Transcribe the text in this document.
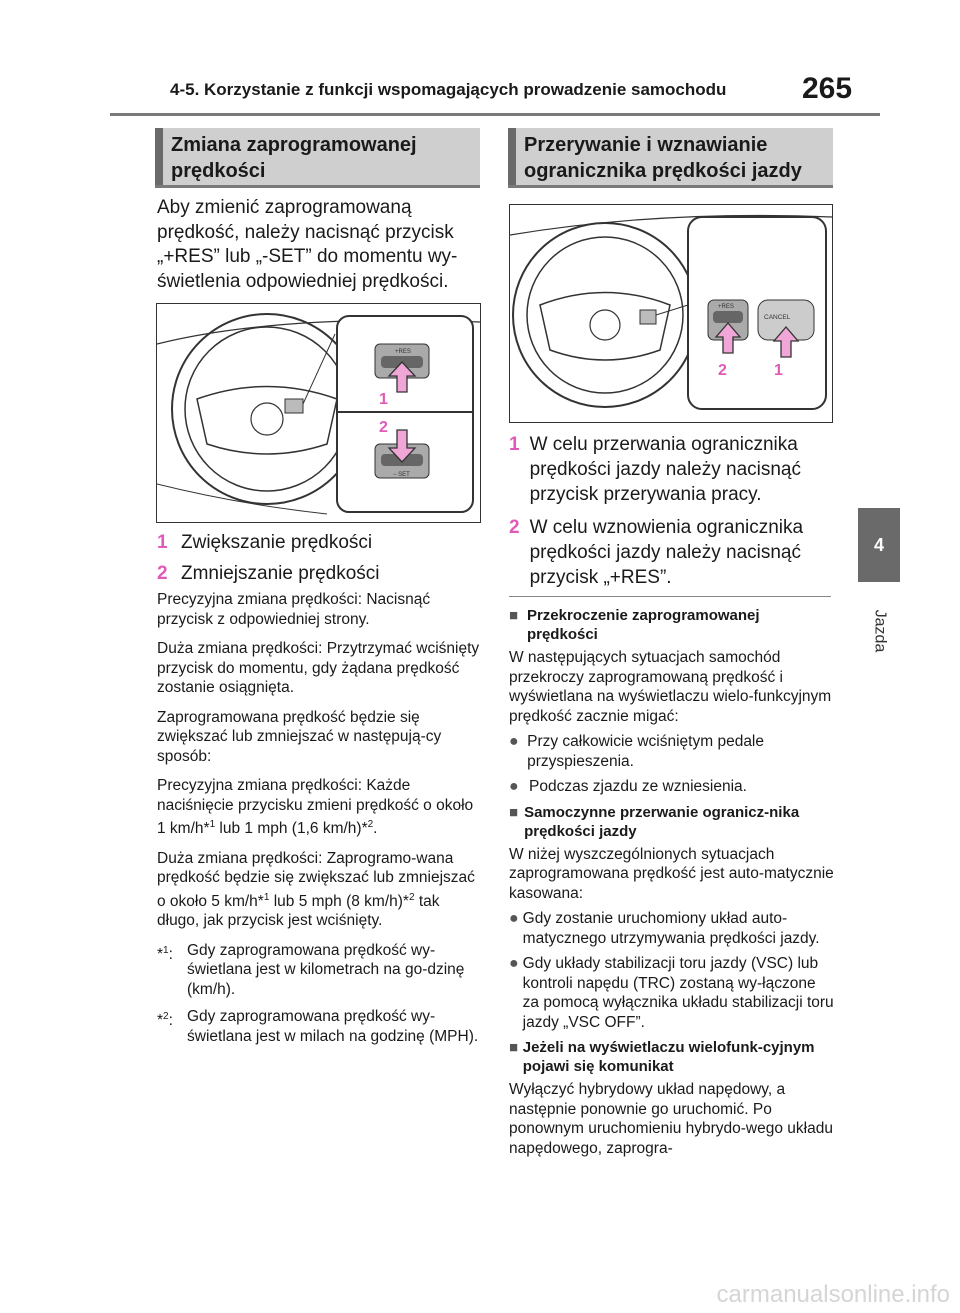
4-5. Korzystanie z funkcji wspomagających prowadzenie samochodu	265
4
Jazda
Zmiana zaprogramowanej prędkości
Aby zmienić zaprogramowaną prędkość, należy nacisnąć przycisk „+RES” lub „-SET” do momentu wy-świetlenia odpowiedniej prędkości.
+RES
1
− SET
2
1 Zwiększanie prędkości
2 Zmniejszanie prędkości

Precyzyjna zmiana prędkości: Nacisnąć przycisk z odpowiedniej strony.

Duża zmiana prędkości: Przytrzymać wciśnięty przycisk do momentu, gdy żądana prędkość zostanie osiągnięta.

Zaprogramowana prędkość będzie się zwiększać lub zmniejszać w następują-cy sposób:

Precyzyjna zmiana prędkości: Każde naciśnięcie przycisku zmieni prędkość o około 1 km/h*$^1$ lub 1 mph (1,6 km/h)*$^2$.

Duża zmiana prędkości: Zaprogramo-wana prędkość będzie się zwiększać lub zmniejszać o około 5 km/h*$^1$ lub 5 mph (8 km/h)*$^2$ tak długo, jak przycisk jest wciśnięty.

*$^1$: Gdy zaprogramowana prędkość wy-świetlana jest w kilometrach na go-dzinę (km/h).
*$^2$: Gdy zaprogramowana prędkość wy-świetlana jest w milach na godzinę (MPH).
Przerywanie i wznawianie ogranicznika prędkości jazdy
+RES
CANCEL
2	1
1 W celu przerwania ogranicznika prędkości jazdy należy nacisnąć przycisk przerywania pracy.
2 W celu wznowienia ogranicznika prędkości jazdy należy nacisnąć przycisk „+RES”.
■ Przekroczenie zaprogramowanej prędkości

W następujących sytuacjach samochód przekroczy zaprogramowaną prędkość i wyświetlana na wyświetlaczu wielo-funkcyjnym prędkość zacznie migać:

● Przy całkowicie wciśniętym pedale przyspieszenia.
● Podczas zjazdu ze wzniesienia.
■ Samoczynne przerwanie ogranicz-nika prędkości jazdy

W niżej wyszczególnionych sytuacjach zaprogramowana prędkość jest auto-matycznie kasowana:

● Gdy zostanie uruchomiony układ auto-matycznego utrzymywania prędkości jazdy.
● Gdy układy stabilizacji toru jazdy (VSC) lub kontroli napędu (TRC) zostaną wy-łączone za pomocą wyłącznika układu stabilizacji toru jazdy „VSC OFF”.
■ Jeżeli na wyświetlaczu wielofunk-cyjnym pojawi się komunikat

Wyłączyć hybrydowy układ napędowy, a następnie ponownie go uruchomić. Po ponownym uruchomieniu hybrydo-wego układu napędowego, zaprogra-

carmanualsonline.info
